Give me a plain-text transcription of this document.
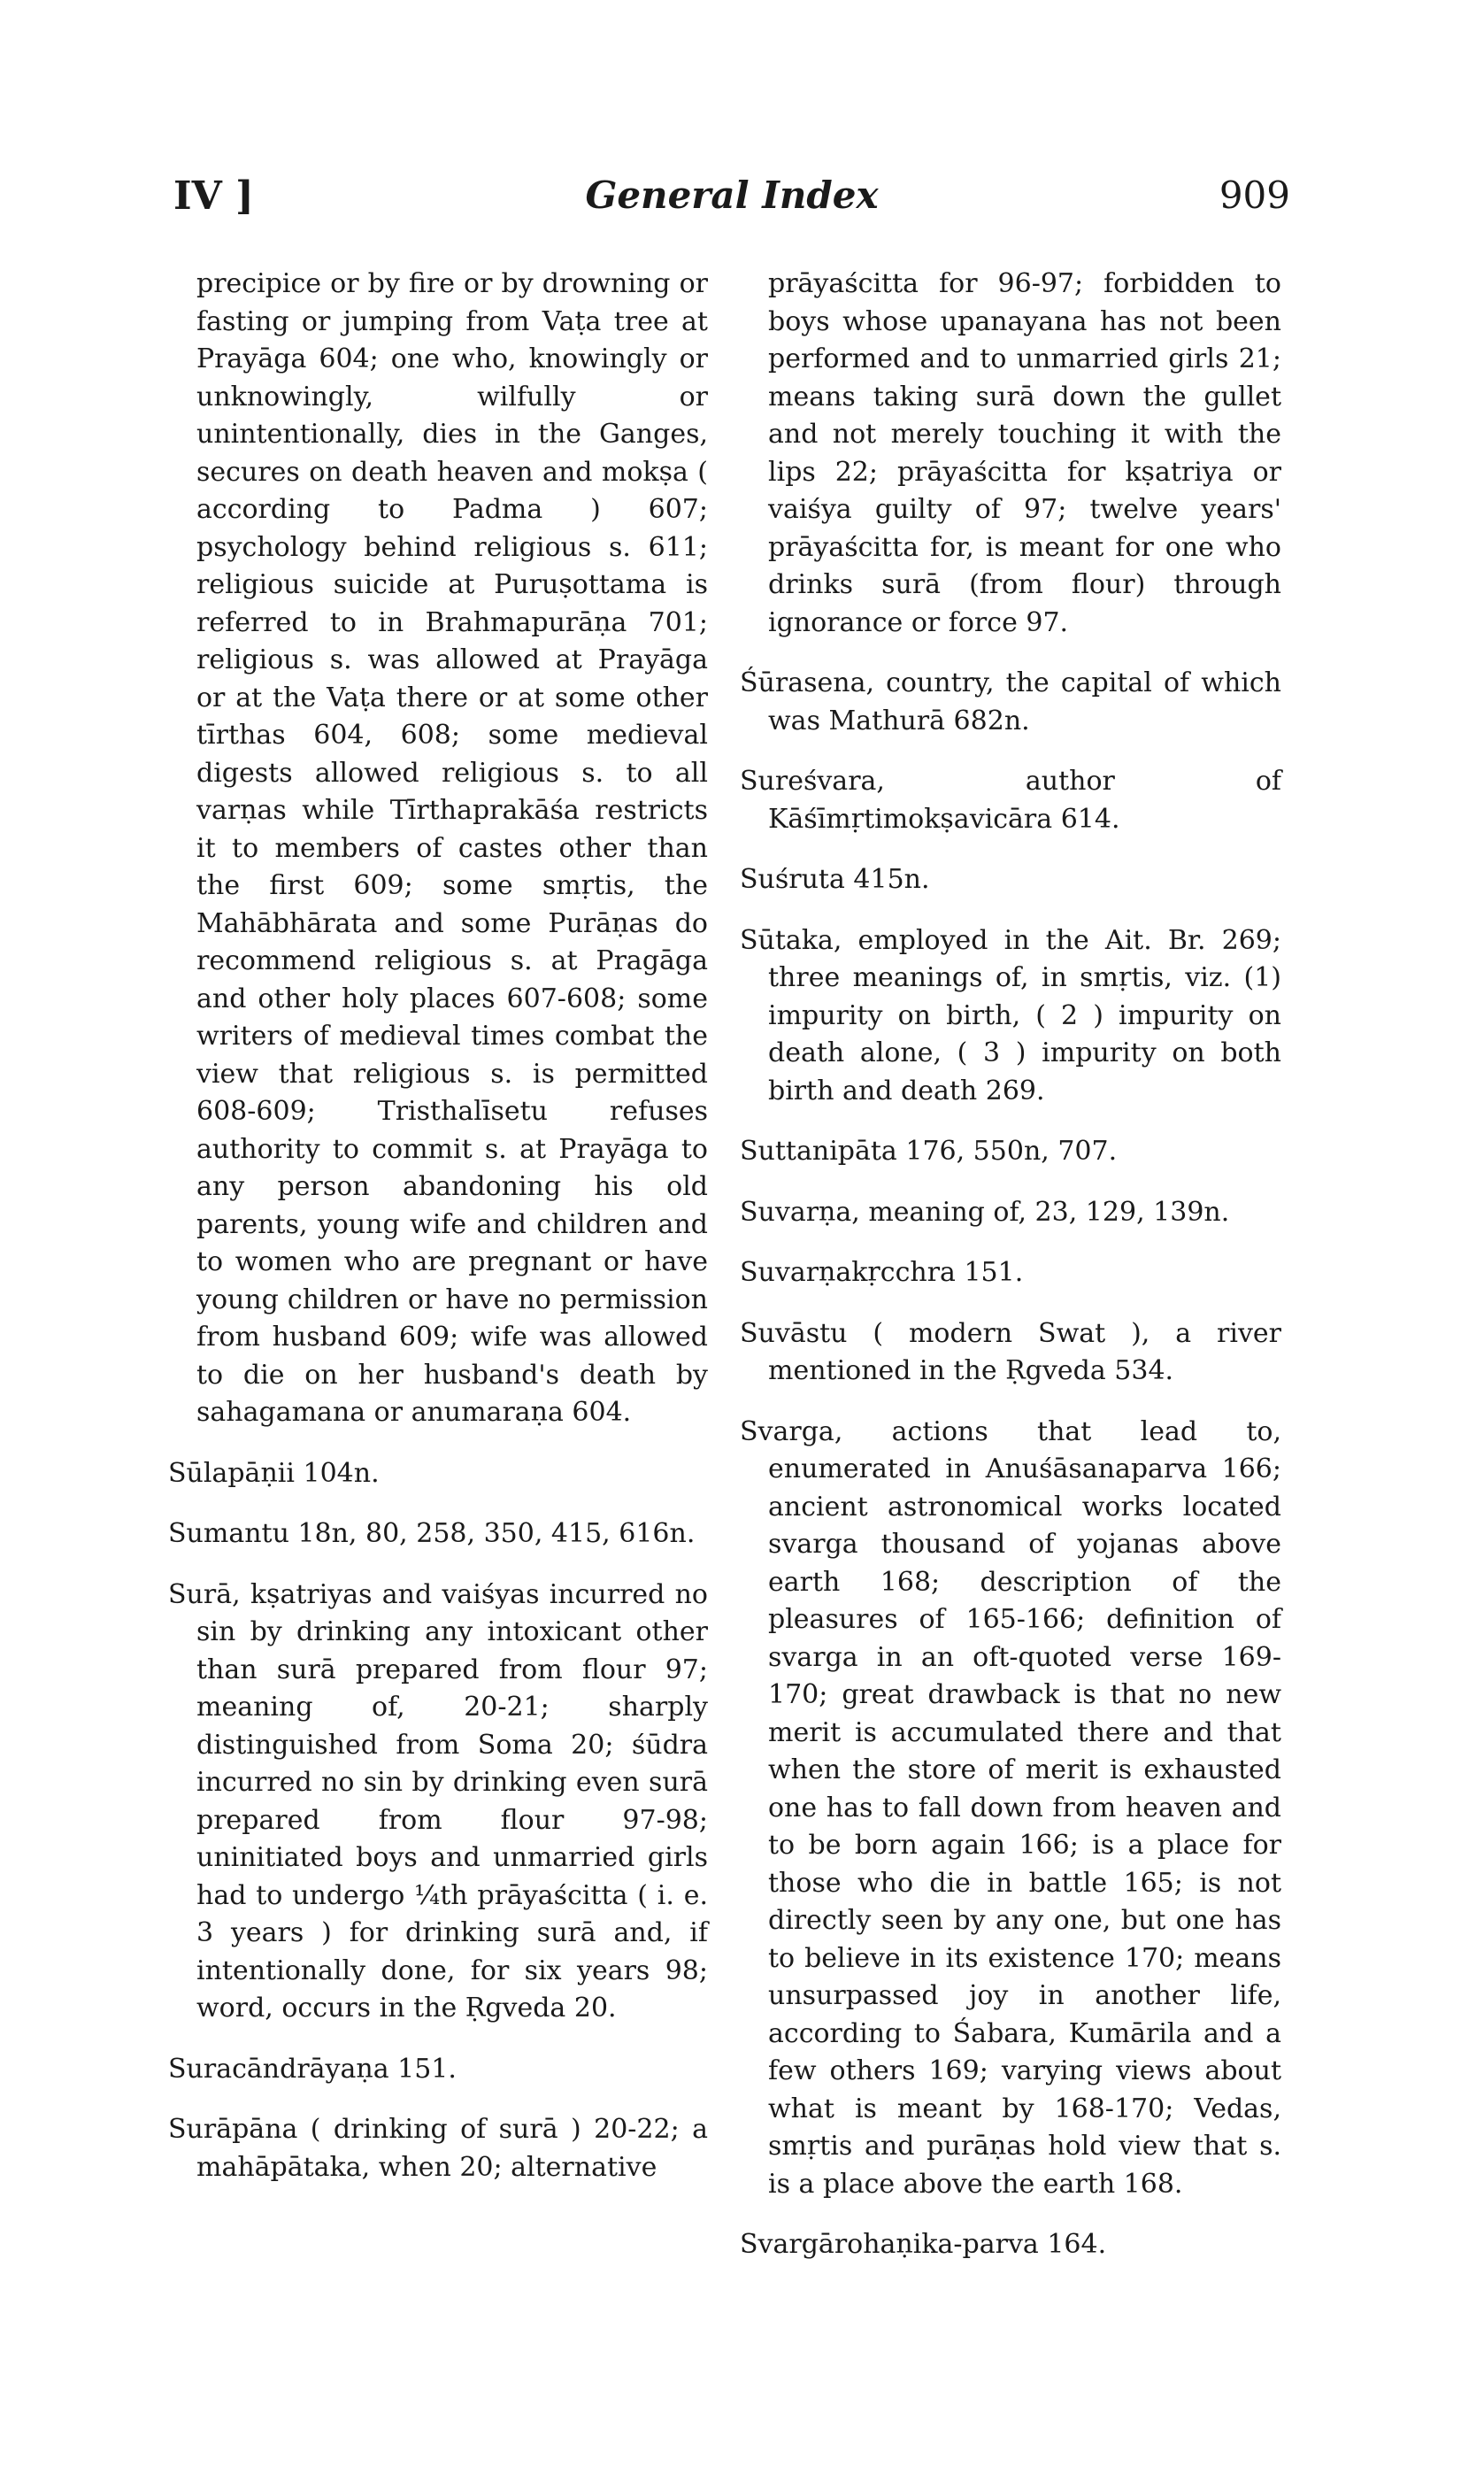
IV ]	General Index	909

precipice or by fire or by drowning or fasting or jumping from Vaṭa tree at Prayāga 604; one who, knowingly or unknowingly, wilfully or unintentionally, dies in the Ganges, secures on death heaven and mokṣa ( according to Padma ) 607; psychology behind religious s. 611; religious suicide at Puruṣottama is referred to in Brahmapurāṇa 701; religious s. was allowed at Prayāga or at the Vaṭa there or at some other tīrthas 604, 608; some medieval digests allowed religious s. to all varṇas while Tīrthaprakāśa restricts it to members of castes other than the first 609; some smṛtis, the Mahābhārata and some Purāṇas do recommend religious s. at Pragāga and other holy places 607-608; some writers of medieval times combat the view that religious s. is permitted 608-609; Tristhalīsetu refuses authority to commit s. at Prayāga to any person abandoning his old parents, young wife and children and to women who are pregnant or have young children or have no permission from husband 609; wife was allowed to die on her husband's death by sahagamana or anumaraṇa 604.

Sūlapāṇii 104n.

Sumantu 18n, 80, 258, 350, 415, 616n.

Surā, kṣatriyas and vaiśyas incurred no sin by drinking any intoxicant other than surā prepared from flour 97; meaning of, 20-21; sharply distinguished from Soma 20; śūdra incurred no sin by drinking even surā prepared from flour 97-98; uninitiated boys and unmarried girls had to undergo ¼th prāyaścitta ( i. e. 3 years ) for drinking surā and, if intentionally done, for six years 98; word, occurs in the Ṛgveda 20.

Suracāndrāyaṇa 151.

Surāpāna ( drinking of surā ) 20-22; a mahāpātaka, when 20; alternative

prāyaścitta for 96-97; forbidden to boys whose upanayana has not been performed and to unmarried girls 21; means taking surā down the gullet and not merely touching it with the lips 22; prāyaścitta for kṣatriya or vaiśya guilty of 97; twelve years' prāyaścitta for, is meant for one who drinks surā (from flour) through ignorance or force 97.

Śūrasena, country, the capital of which was Mathurā 682n.

Sureśvara, author of Kāśīmṛtimokṣavicāra 614.

Suśruta 415n.

Sūtaka, employed in the Ait. Br. 269; three meanings of, in smṛtis, viz. (1) impurity on birth, ( 2 ) impurity on death alone, ( 3 ) impurity on both birth and death 269.

Suttanipāta 176, 550n, 707.

Suvarṇa, meaning of, 23, 129, 139n.

Suvarṇakṛcchra 151.

Suvāstu ( modern Swat ), a river mentioned in the Ṛgveda 534.

Svarga, actions that lead to, enumerated in Anuśāsanaparva 166; ancient astronomical works located svarga thousand of yojanas above earth 168; description of the pleasures of 165-166; definition of svarga in an oft-quoted verse 169-170; great drawback is that no new merit is accumulated there and that when the store of merit is exhausted one has to fall down from heaven and to be born again 166; is a place for those who die in battle 165; is not directly seen by any one, but one has to believe in its existence 170; means unsurpassed joy in another life, according to Śabara, Kumārila and a few others 169; varying views about what is meant by 168-170; Vedas, smṛtis and purāṇas hold view that s. is a place above the earth 168.

Svargārohaṇika-parva 164.
